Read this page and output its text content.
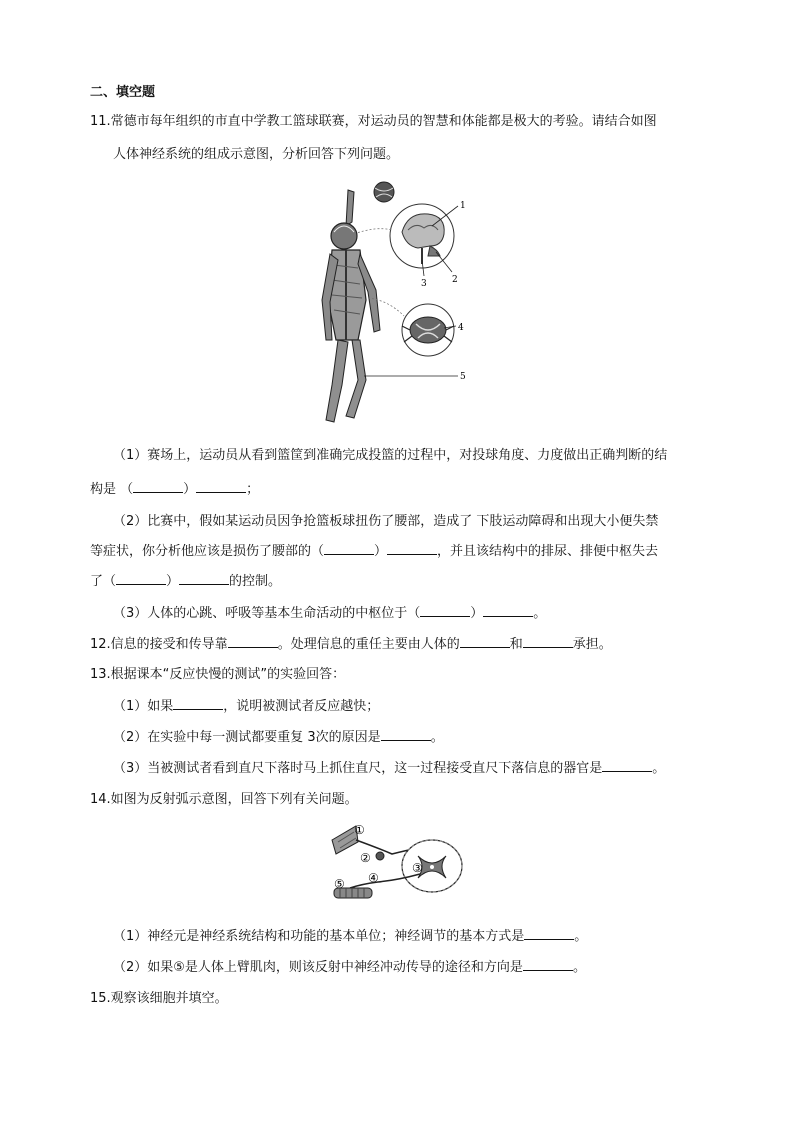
二、填空题
11.常德市每年组织的市直中学教工篮球联赛，对运动员的智慧和体能都是极大的考验。请结合如图
人体神经系统的组成示意图，分析回答下列问题。
1
2
3
4
5
（1）赛场上，运动员从看到篮筐到准确完成投篮的过程中，对投球角度、力度做出正确判断的结
构是 （	）	；
（2）比赛中，假如某运动员因争抢篮板球扭伤了腰部，造成了 下肢运动障碍和出现大小便失禁
等症状，你分析他应该是损伤了腰部的（	）	，并且该结构中的排尿、排便中枢失去
了（	）	的控制。
（3）人体的心跳、呼吸等基本生命活动的中枢位于（	）	。
12.信息的接受和传导靠	。处理信息的重任主要由人体的	和	承担。
13.根据课本“反应快慢的测试”的实验回答：
（1）如果	，说明被测试者反应越快；
（2）在实验中每一测试都要重复 3次的原因是	。
（3）当被测试者看到直尺下落时马上抓住直尺，这一过程接受直尺下落信息的器官是	。
14.如图为反射弧示意图，回答下列有关问题。
①
②
③
④
⑤
（1）神经元是神经系统结构和功能的基本单位；神经调节的基本方式是	。
（2）如果⑤是人体上臂肌肉，则该反射中神经冲动传导的途径和方向是	。
15.观察该细胞并填空。
